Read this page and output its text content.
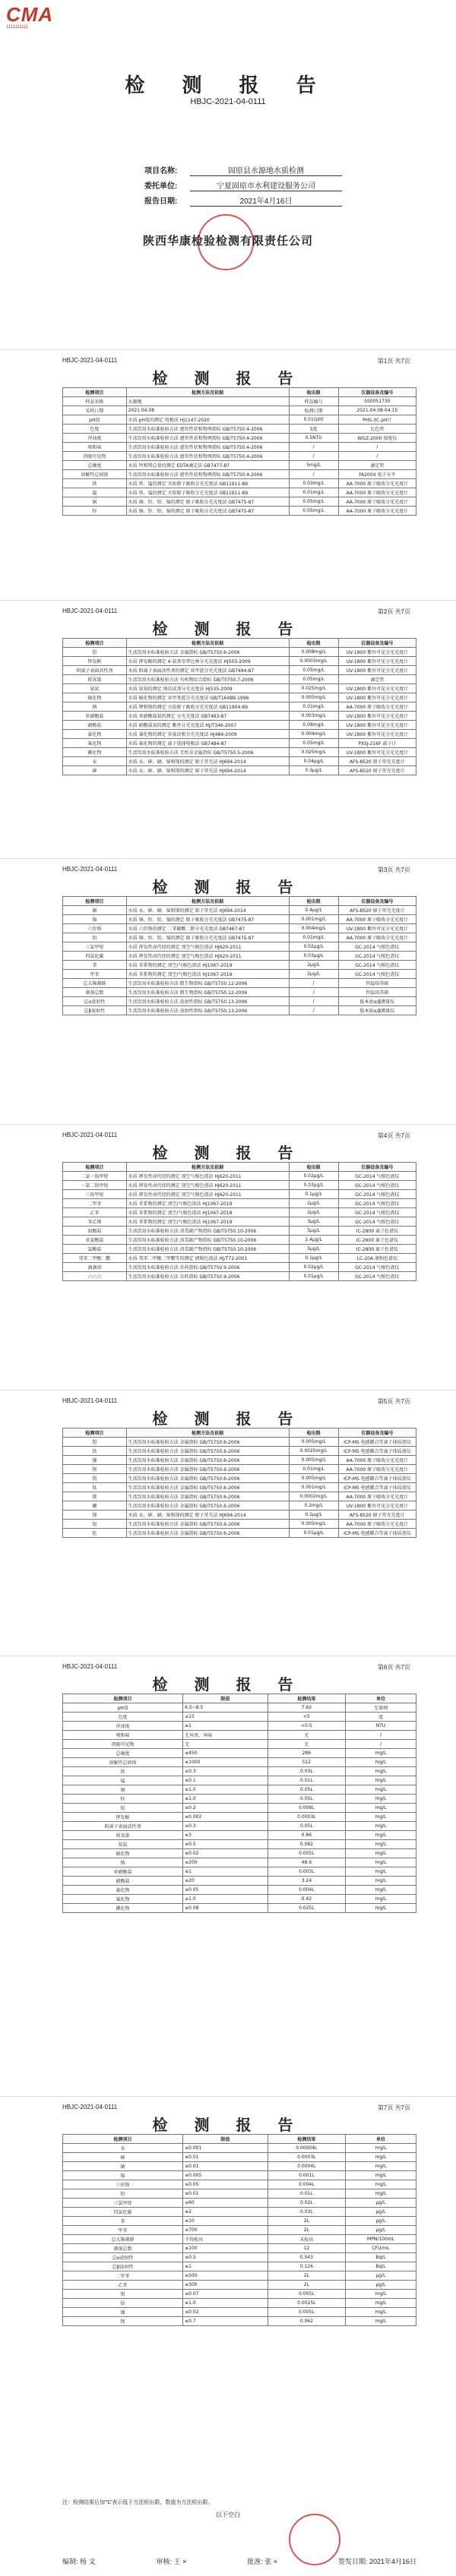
CMA
1111111111
检 测 报 告
HBJC-2021-04-0111
项目名称:	固原县水源地水质检测
委托单位:	宁夏固原市水利建设服务公司
报告日期:	2021年4月16日
陕西华康检验检测有限责任公司
HBJC-2021-04-0111
检 测 报 告
第1页 共7页
检测项目	检测方法及依据	检出限	仪器设备及编号
样品名称	水源地	样品编号	SS0051730
采样日期	2021.04.08	检测日期	2021.04.08-04.15
pH值	水质 pH值的测定 电极法 HJ1147-2020	0.01(pH)	PHS-3C pH计
色度	生活饮用水标准检验方法 感官性状和物理指标 GB/T5750.4-2006	5度	比色管
浑浊度	生活饮用水标准检验方法 感官性状和物理指标 GB/T5750.4-2006	0.5NTU	WGZ-2000 浊度仪
嗅和味	生活饮用水标准检验方法 感官性状和物理指标 GB/T5750.4-2006	/	/
肉眼可见物	生活饮用水标准检验方法 感官性状和物理指标 GB/T5750.4-2006	/	/
总硬度	水质 钙和镁总量的测定 EDTA滴定法 GB7477-87	5mg/L	滴定管
溶解性总固体	生活饮用水标准检验方法 感官性状和物理指标 GB/T5750.4-2006	/	FA2004 电子天平
铁	水质 铁、锰的测定 火焰原子吸收分光光度法 GB11911-89	0.03mg/L	AA-7000 原子吸收分光光度计
锰	水质 铁、锰的测定 火焰原子吸收分光光度法 GB11911-89	0.01mg/L	AA-7000 原子吸收分光光度计
铜	水质 铜、锌、铅、镉的测定 原子吸收分光光度法 GB7475-87	0.05mg/L	AA-7000 原子吸收分光光度计
锌	水质 铜、锌、铅、镉的测定 原子吸收分光光度法 GB7475-87	0.05mg/L	AA-7000 原子吸收分光光度计
HBJC-2021-04-0111
检 测 报 告
第2页 共7页
检测项目	检测方法及依据	检出限	仪器设备及编号
铝	生活饮用水标准检验方法 金属指标 GB/T5750.6-2006	0.008mg/L	UV-1800 紫外可见分光光度计
挥发酚	水质 挥发酚的测定 4-氨基安替比林分光光度法 HJ503-2009	0.0003mg/L	UV-1800 紫外可见分光光度计
阴离子表面活性剂	水质 阴离子表面活性剂的测定 亚甲蓝分光光度法 GB7494-87	0.05mg/L	UV-1800 紫外可见分光光度计
耗氧量	生活饮用水标准检验方法 有机物综合指标 GB/T5750.7-2006	0.05mg/L	滴定管
氨氮	水质 氨氮的测定 纳氏试剂分光光度法 HJ535-2009	0.025mg/L	UV-1800 紫外可见分光光度计
硫化物	水质 硫化物的测定 亚甲基蓝分光光度法 GB/T16489-1996	0.005mg/L	UV-1800 紫外可见分光光度计
钠	水质 钾和钠的测定 火焰原子吸收分光光度法 GB11904-89	0.01mg/L	AA-7000 原子吸收分光光度计
亚硝酸盐	水质 亚硝酸盐氮的测定 分光光度法 GB7493-87	0.003mg/L	UV-1800 紫外可见分光光度计
硝酸盐	水质 硝酸盐氮的测定 紫外分光光度法 HJ/T346-2007	0.08mg/L	UV-1800 紫外可见分光光度计
氰化物	水质 氰化物的测定 容量法和分光光度法 HJ484-2009	0.004mg/L	UV-1800 紫外可见分光光度计
氟化物	水质 氟化物的测定 离子选择电极法 GB7484-87	0.05mg/L	PXSJ-216F 离子计
碘化物	生活饮用水标准检验方法 无机非金属指标 GB/T5750.5-2006	0.025mg/L	UV-1800 紫外可见分光光度计
汞	水质 汞、砷、硒、铋和锑的测定 原子荧光法 HJ694-2014	0.04μg/L	AFS-8520 原子荧光光度计
砷	水质 汞、砷、硒、铋和锑的测定 原子荧光法 HJ694-2014	0.3μg/L	AFS-8520 原子荧光光度计
HBJC-2021-04-0111
检 测 报 告
第3页 共7页
检测项目	检测方法及依据	检出限	仪器设备及编号
硒	水质 汞、砷、硒、铋和锑的测定 原子荧光法 HJ694-2014	0.4μg/L	AFS-8520 原子荧光光度计
镉	水质 铜、锌、铅、镉的测定 原子吸收分光光度法 GB7475-87	0.001mg/L	AA-7000 原子吸收分光光度计
六价铬	水质 六价铬的测定 二苯碳酰二肼分光光度法 GB7467-87	0.004mg/L	UV-1800 紫外可见分光光度计
铅	水质 铜、锌、铅、镉的测定 原子吸收分光光度法 GB7475-87	0.01mg/L	AA-7000 原子吸收分光光度计
三氯甲烷	水质 挥发性卤代烃的测定 顶空气相色谱法 HJ620-2011	0.02μg/L	GC-2014 气相色谱仪
四氯化碳	水质 挥发性卤代烃的测定 顶空气相色谱法 HJ620-2011	0.03μg/L	GC-2014 气相色谱仪
苯	水质 苯系物的测定 顶空/气相色谱法 HJ1067-2019	2μg/L	GC-2014 气相色谱仪
甲苯	水质 苯系物的测定 顶空/气相色谱法 HJ1067-2019	2μg/L	GC-2014 气相色谱仪
总大肠菌群	生活饮用水标准检验方法 微生物指标 GB/T5750.12-2006	/	恒温培养箱
菌落总数	生活饮用水标准检验方法 微生物指标 GB/T5750.12-2006	/	恒温培养箱
总α放射性	生活饮用水标准检验方法 放射性指标 GB/T5750.13-2006	/	低本底α/β测量仪
总β放射性	生活饮用水标准检验方法 放射性指标 GB/T5750.13-2006	/	低本底α/β测量仪
HBJC-2021-04-0111
检 测 报 告
第4页 共7页
检测项目	检测方法及依据	检出限	仪器设备及编号
二氯一溴甲烷	水质 挥发性卤代烃的测定 顶空气相色谱法 HJ620-2011	0.02μg/L	GC-2014 气相色谱仪
一氯二溴甲烷	水质 挥发性卤代烃的测定 顶空气相色谱法 HJ620-2011	0.03μg/L	GC-2014 气相色谱仪
三溴甲烷	水质 挥发性卤代烃的测定 顶空气相色谱法 HJ620-2011	0.1μg/L	GC-2014 气相色谱仪
二甲苯	水质 苯系物的测定 顶空/气相色谱法 HJ1067-2019	2μg/L	GC-2014 气相色谱仪
乙苯	水质 苯系物的测定 顶空/气相色谱法 HJ1067-2019	2μg/L	GC-2014 气相色谱仪
苯乙烯	水质 苯系物的测定 顶空/气相色谱法 HJ1067-2019	3μg/L	GC-2014 气相色谱仪
溴酸盐	生活饮用水标准检验方法 消毒副产物指标 GB/T5750.10-2006	5μg/L	IC-2800 离子色谱仪
亚氯酸盐	生活饮用水标准检验方法 消毒副产物指标 GB/T5750.10-2006	2.4μg/L	IC-2800 离子色谱仪
氯酸盐	生活饮用水标准检验方法 消毒副产物指标 GB/T5750.10-2006	5μg/L	IC-2800 离子色谱仪
邻苯二甲酸二酯	水质 邻苯二甲酸二甲酯等的测定 液相色谱法 HJ/T72-2001	0.1μg/L	LC-20A 液相色谱仪
滴滴涕	生活饮用水标准检验方法 农药指标 GB/T5750.9-2006	0.02μg/L	GC-2014 气相色谱仪
六六六	生活饮用水标准检验方法 农药指标 GB/T5750.9-2006	0.01μg/L	GC-2014 气相色谱仪
HBJC-2021-04-0111
检 测 报 告
第5页 共7页
检测项目	检测方法及依据	检出限	仪器设备及编号
钼	生活饮用水标准检验方法 金属指标 GB/T5750.6-2006	0.005mg/L	ICP-MS 电感耦合等离子体质谱仪
钴	生活饮用水标准检验方法 金属指标 GB/T5750.6-2006	0.0025mg/L	ICP-MS 电感耦合等离子体质谱仪
镍	生活饮用水标准检验方法 金属指标 GB/T5750.6-2006	0.005mg/L	AA-7000 原子吸收分光光度计
钡	生活饮用水标准检验方法 金属指标 GB/T5750.6-2006	0.01mg/L	AA-7000 原子吸收分光光度计
钒	生活饮用水标准检验方法 金属指标 GB/T5750.6-2006	0.005mg/L	ICP-MS 电感耦合等离子体质谱仪
钛	生活饮用水标准检验方法 金属指标 GB/T5750.6-2006	0.001mg/L	ICP-MS 电感耦合等离子体质谱仪
铍	生活饮用水标准检验方法 金属指标 GB/T5750.6-2006	0.0002mg/L	AA-7000 原子吸收分光光度计
硼	生活饮用水标准检验方法 金属指标 GB/T5750.6-2006	0.2mg/L	UV-1800 紫外可见分光光度计
锑	水质 汞、砷、硒、铋和锑的测定 原子荧光法 HJ694-2014	0.2μg/L	AFS-8520 原子荧光光度计
银	生活饮用水标准检验方法 金属指标 GB/T5750.6-2006	0.005mg/L	AA-7000 原子吸收分光光度计
铊	生活饮用水标准检验方法 金属指标 GB/T5750.6-2006	0.01μg/L	ICP-MS 电感耦合等离子体质谱仪
HBJC-2021-04-0111
检 测 报 告
第6页 共7页
检测项目	限值	检测结果	单位
pH值	6.5~8.5	7.62	无量纲
色度	≤15	<5	度
浑浊度	≤1	<0.5	NTU
嗅和味	无异臭、异味	无	/
肉眼可见物	无	无	/
总硬度	≤450	286	mg/L
溶解性总固体	≤1000	512	mg/L
铁	≤0.3	0.03L	mg/L
锰	≤0.1	0.01L	mg/L
铜	≤1.0	0.05L	mg/L
锌	≤1.0	0.05L	mg/L
铝	≤0.2	0.008L	mg/L
挥发酚	≤0.002	0.0003L	mg/L
阴离子表面活性剂	≤0.3	0.05L	mg/L
耗氧量	≤3	0.86	mg/L
氨氮	≤0.5	0.082	mg/L
硫化物	≤0.02	0.005L	mg/L
钠	≤200	48.6	mg/L
亚硝酸盐	≤1	0.003L	mg/L
硝酸盐	≤20	3.24	mg/L
氰化物	≤0.05	0.004L	mg/L
氟化物	≤1.0	0.42	mg/L
碘化物	≤0.08	0.025L	mg/L
HBJC-2021-04-0111
检 测 报 告
第7页 共7页
检测项目	限值	检测结果	单位
汞	≤0.001	0.00004L	mg/L
砷	≤0.01	0.0003L	mg/L
硒	≤0.01	0.0004L	mg/L
镉	≤0.005	0.001L	mg/L
六价铬	≤0.05	0.004L	mg/L
铅	≤0.01	0.01L	mg/L
三氯甲烷	≤60	0.02L	μg/L
四氯化碳	≤2	0.03L	μg/L
苯	≤10	2L	μg/L
甲苯	≤700	2L	μg/L
总大肠菌群	不得检出	未检出	MPN/100mL
菌落总数	≤100	12	CFU/mL
总α放射性	≤0.5	0.043	Bq/L
总β放射性	≤1	0.126	Bq/L
二甲苯	≤500	2L	μg/L
乙苯	≤300	2L	μg/L
钼	≤0.07	0.005L	mg/L
钴	≤1.0	0.0025L	mg/L
镍	≤0.02	0.005L	mg/L
钡	≤0.7	0.062	mg/L
注：检测结果后加“L”表示低于方法检出限，数值为方法检出限。
以下空白
编制: 杨 文	审核: 王 ×	批准: 张 ×	签发日期: 2021年4月16日
